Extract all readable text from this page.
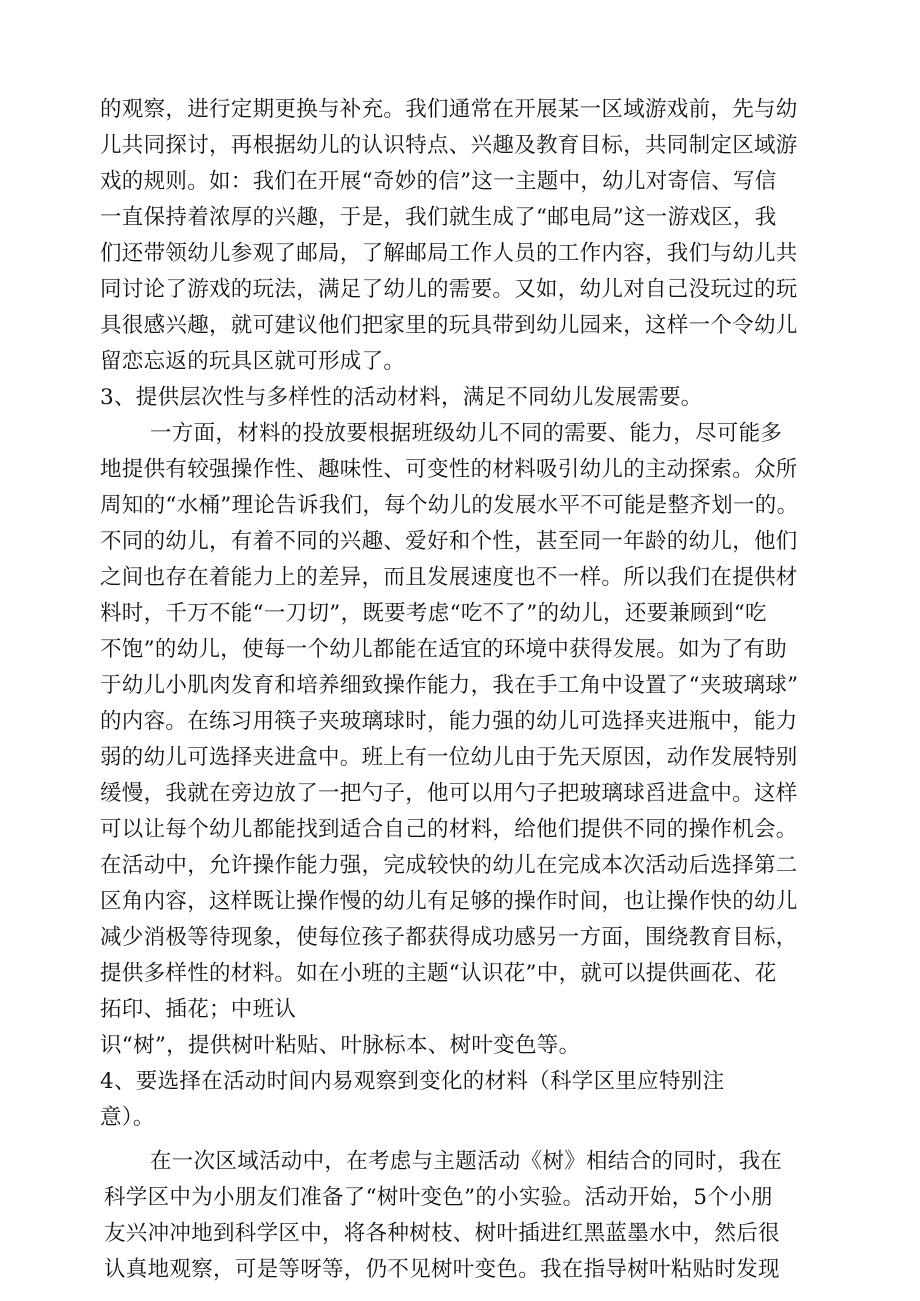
的观察，进行定期更换与补充。我们通常在开展某一区域游戏前，先与幼
儿共同探讨，再根据幼儿的认识特点、兴趣及教育目标，共同制定区域游
戏的规则。如：我们在开展“奇妙的信”这一主题中，幼儿对寄信、写信
一直保持着浓厚的兴趣，于是，我们就生成了“邮电局”这一游戏区，我
们还带领幼儿参观了邮局，了解邮局工作人员的工作内容，我们与幼儿共
同讨论了游戏的玩法，满足了幼儿的需要。又如，幼儿对自己没玩过的玩
具很感兴趣，就可建议他们把家里的玩具带到幼儿园来，这样一个令幼儿
留恋忘返的玩具区就可形成了。
3、提供层次性与多样性的活动材料，满足不同幼儿发展需要。
一方面，材料的投放要根据班级幼儿不同的需要、能力，尽可能多
地提供有较强操作性、趣味性、可变性的材料吸引幼儿的主动探索。众所
周知的“水桶”理论告诉我们，每个幼儿的发展水平不可能是整齐划一的。
不同的幼儿，有着不同的兴趣、爱好和个性，甚至同一年龄的幼儿，他们
之间也存在着能力上的差异，而且发展速度也不一样。所以我们在提供材
料时，千万不能“一刀切”，既要考虑“吃不了”的幼儿，还要兼顾到“吃
不饱”的幼儿，使每一个幼儿都能在适宜的环境中获得发展。如为了有助
于幼儿小肌肉发育和培养细致操作能力，我在手工角中设置了“夹玻璃球”
的内容。在练习用筷子夹玻璃球时，能力强的幼儿可选择夹进瓶中，能力
弱的幼儿可选择夹进盒中。班上有一位幼儿由于先天原因，动作发展特别
缓慢，我就在旁边放了一把勺子，他可以用勺子把玻璃球舀进盒中。这样
可以让每个幼儿都能找到适合自己的材料，给他们提供不同的操作机会。
在活动中，允许操作能力强，完成较快的幼儿在完成本次活动后选择第二
区角内容，这样既让操作慢的幼儿有足够的操作时间，也让操作快的幼儿
减少消极等待现象，使每位孩子都获得成功感另一方面，围绕教育目标，
提供多样性的材料。如在小班的主题“认识花”中，就可以提供画花、花
拓印、插花；中班认
识“树”，提供树叶粘贴、叶脉标本、树叶变色等。
4、要选择在活动时间内易观察到变化的材料（科学区里应特别注
意）。
在一次区域活动中，在考虑与主题活动《树》相结合的同时，我在
科学区中为小朋友们准备了“树叶变色”的小实验。活动开始，5个小朋
友兴冲冲地到科学区中，将各种树枝、树叶插进红黑蓝墨水中，然后很
认真地观察，可是等呀等，仍不见树叶变色。我在指导树叶粘贴时发现
